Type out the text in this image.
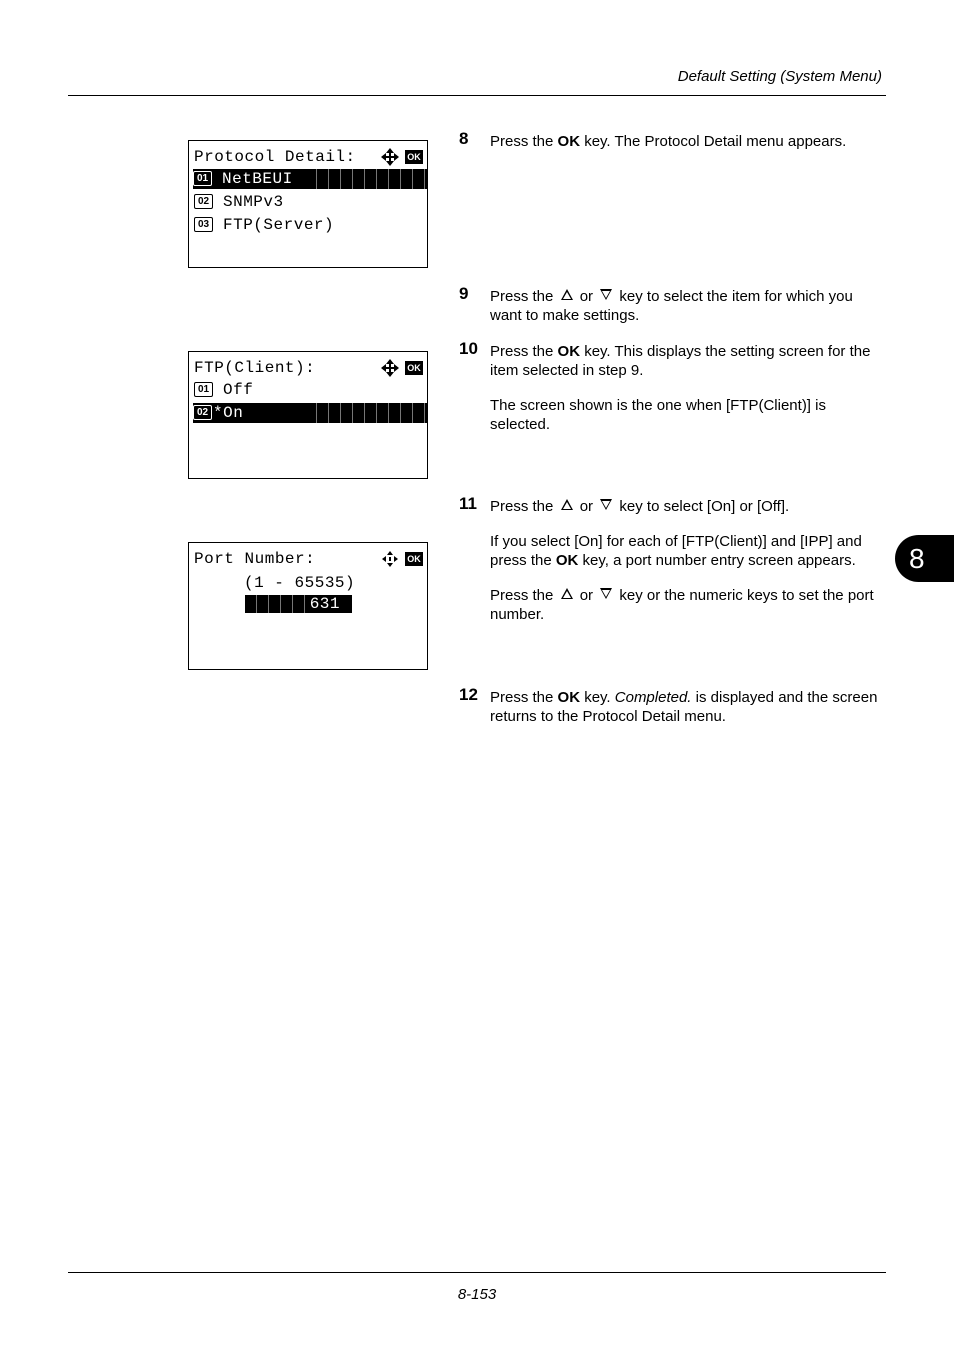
Default Setting (System Menu)
Protocol Detail:	OK
01 NetBEUI
02 SNMPv3
03 FTP(Server)
FTP(Client):	OK
01 Off
02 *On
Port Number:	OK
(1 - 65535)
631
8 Press the OK key. The Protocol Detail menu appears.

9 Press the  or  key to select the item for which you want to make settings.

10 Press the OK key. This displays the setting screen for the item selected in step 9.

The screen shown is the one when [FTP(Client)] is selected.

11 Press the  or  key to select [On] or [Off].

If you select [On] for each of [FTP(Client)] and [IPP] and press the OK key, a port number entry screen appears.

Press the  or  key or the numeric keys to set the port number.

12 Press the OK key. Completed. is displayed and the screen returns to the Protocol Detail menu.

8
8-153
